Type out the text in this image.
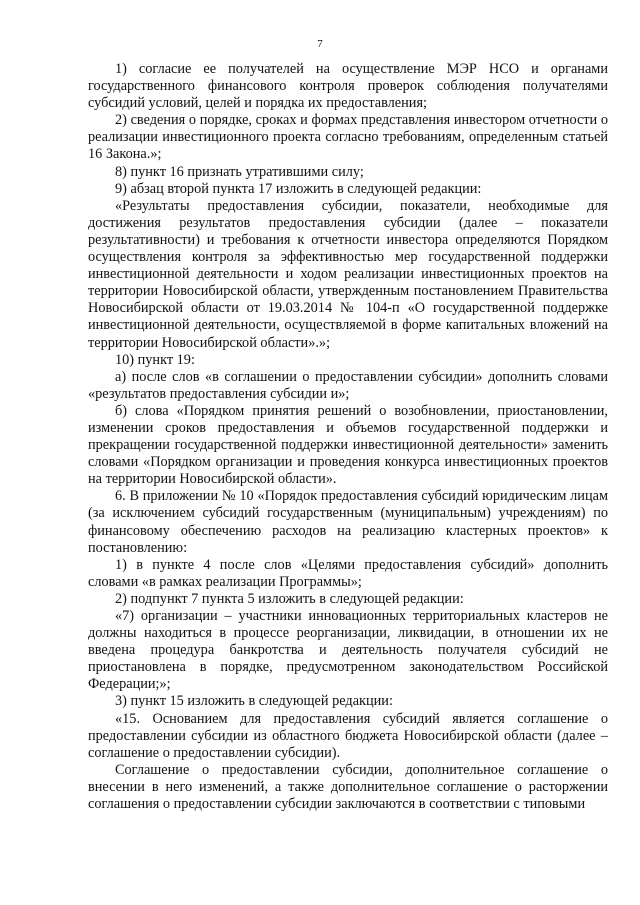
7

1) согласие ее получателей на осуществление МЭР НСО и органами государственного финансового контроля проверок соблюдения получателями субсидий условий, целей и порядка их предоставления;

2) сведения о порядке, сроках и формах представления инвестором отчетности о реализации инвестиционного проекта согласно требованиям, определенным статьей 16 Закона.»;

8) пункт 16 признать утратившими силу;

9) абзац второй пункта 17 изложить в следующей редакции:

«Результаты предоставления субсидии, показатели, необходимые для достижения результатов предоставления субсидии (далее – показатели результативности) и требования к отчетности инвестора определяются Порядком осуществления контроля за эффективностью мер государственной поддержки инвестиционной деятельности и ходом реализации инвестиционных проектов на территории Новосибирской области, утвержденным постановлением Правительства Новосибирской области от 19.03.2014 № 104-п «О государственной поддержке инвестиционной деятельности, осуществляемой в форме капитальных вложений на территории Новосибирской области».»;

10) пункт 19:

а) после слов «в соглашении о предоставлении субсидии» дополнить словами «результатов предоставления субсидии и»;

б) слова «Порядком принятия решений о возобновлении, приостановлении, изменении сроков предоставления и объемов государственной поддержки и прекращении государственной поддержки инвестиционной деятельности» заменить словами «Порядком организации и проведения конкурса инвестиционных проектов на территории Новосибирской области».

6. В приложении № 10 «Порядок предоставления субсидий юридическим лицам (за исключением субсидий государственным (муниципальным) учреждениям) по финансовому обеспечению расходов на реализацию кластерных проектов» к постановлению:

1) в пункте 4 после слов «Целями предоставления субсидий» дополнить словами «в рамках реализации Программы»;

2) подпункт 7 пункта 5 изложить в следующей редакции:

«7) организации – участники инновационных территориальных кластеров не должны находиться в процессе реорганизации, ликвидации, в отношении их не введена процедура банкротства и деятельность получателя субсидий не приостановлена в порядке, предусмотренном законодательством Российской Федерации;»;

3) пункт 15 изложить в следующей редакции:

«15. Основанием для предоставления субсидий является соглашение о предоставлении субсидии из областного бюджета Новосибирской области (далее – соглашение о предоставлении субсидии).

Соглашение о предоставлении субсидии, дополнительное соглашение о внесении в него изменений, а также дополнительное соглашение о расторжении соглашения о предоставлении субсидии заключаются в соответствии с типовыми
